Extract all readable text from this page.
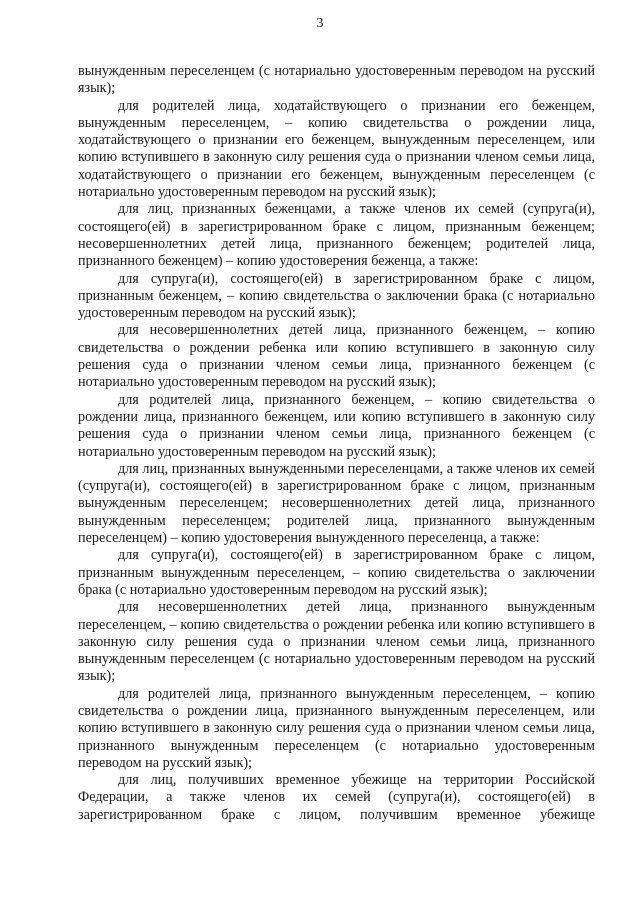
3

вынужденным переселенцем (с нотариально удостоверенным переводом на русский язык);

для родителей лица, ходатайствующего о признании его беженцем, вынужденным переселенцем, – копию свидетельства о рождении лица, ходатайствующего о признании его беженцем, вынужденным переселенцем, или копию вступившего в законную силу решения суда о признании членом семьи лица, ходатайствующего о признании его беженцем, вынужденным переселенцем (с нотариально удостоверенным переводом на русский язык);

для лиц, признанных беженцами, а также членов их семей (супруга(и), состоящего(ей) в зарегистрированном браке с лицом, признанным беженцем; несовершеннолетних детей лица, признанного беженцем; родителей лица, признанного беженцем) – копию удостоверения беженца, а также:

для супруга(и), состоящего(ей) в зарегистрированном браке с лицом, признанным беженцем, – копию свидетельства о заключении брака (с нотариально удостоверенным переводом на русский язык);

для несовершеннолетних детей лица, признанного беженцем, – копию свидетельства о рождении ребенка или копию вступившего в законную силу решения суда о признании членом семьи лица, признанного беженцем (с нотариально удостоверенным переводом на русский язык);

для родителей лица, признанного беженцем, – копию свидетельства о рождении лица, признанного беженцем, или копию вступившего в законную силу решения суда о признании членом семьи лица, признанного беженцем (с нотариально удостоверенным переводом на русский язык);

для лиц, признанных вынужденными переселенцами, а также членов их семей (супруга(и), состоящего(ей) в зарегистрированном браке с лицом, признанным вынужденным переселенцем; несовершеннолетних детей лица, признанного вынужденным переселенцем; родителей лица, признанного вынужденным переселенцем) – копию удостоверения вынужденного переселенца, а также:

для супруга(и), состоящего(ей) в зарегистрированном браке с лицом, признанным вынужденным переселенцем, – копию свидетельства о заключении брака (с нотариально удостоверенным переводом на русский язык);

для несовершеннолетних детей лица, признанного вынужденным переселенцем, – копию свидетельства о рождении ребенка или копию вступившего в законную силу решения суда о признании членом семьи лица, признанного вынужденным переселенцем (с нотариально удостоверенным переводом на русский язык);

для родителей лица, признанного вынужденным переселенцем, – копию свидетельства о рождении лица, признанного вынужденным переселенцем, или копию вступившего в законную силу решения суда о признании членом семьи лица, признанного вынужденным переселенцем (с нотариально удостоверенным переводом на русский язык);

для лиц, получивших временное убежище на территории Российской Федерации, а также членов их семей (супруга(и), состоящего(ей) в зарегистрированном браке с лицом, получившим временное убежище
